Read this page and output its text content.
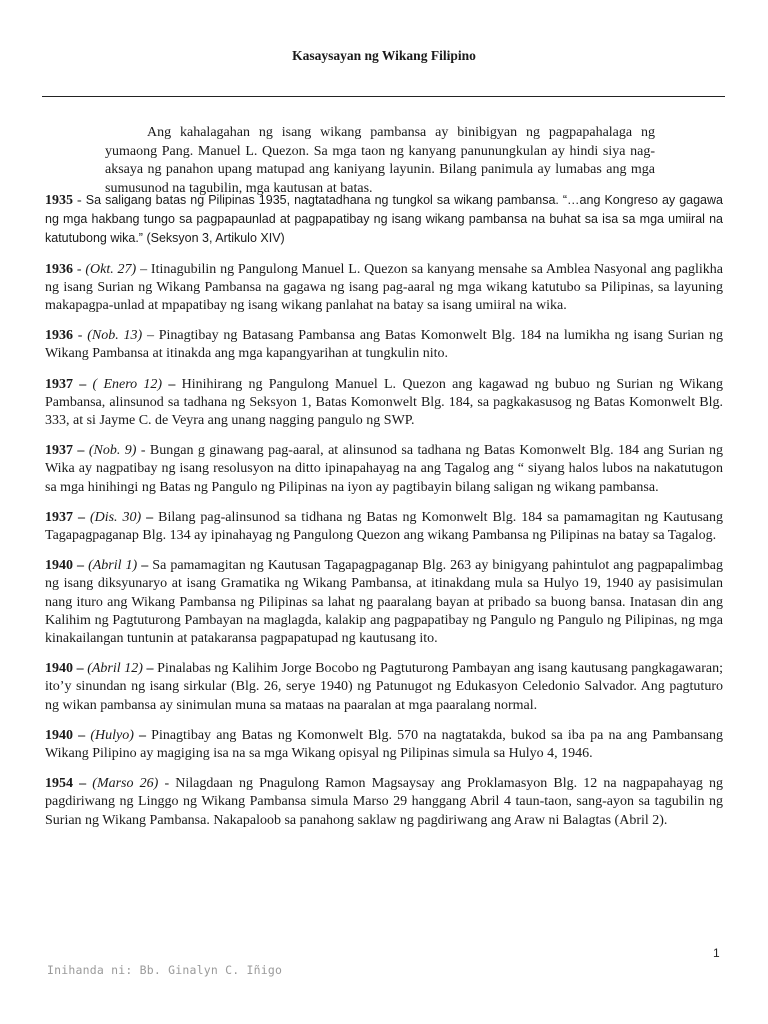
Kasaysayan ng Wikang Filipino

Ang kahalagahan ng isang wikang pambansa ay binibigyan ng pagpapahalaga ng yumaong Pang. Manuel L. Quezon. Sa mga taon ng kanyang panunungkulan ay hindi siya nag-aksaya ng panahon upang matupad ang kaniyang layunin. Bilang panimula ay lumabas ang mga sumusunod na tagubilin, mga kautusan at batas.

1935 - Sa saligang batas ng Pilipinas 1935, nagtatadhana ng tungkol sa wikang pambansa. “…ang Kongreso ay gagawa ng mga hakbang tungo sa pagpapaunlad at pagpapatibay ng isang wikang pambansa na buhat sa isa sa mga umiiral na katutubong wika.” (Seksyon 3, Artikulo XIV)

1936 - (Okt. 27) – Itinagubilin ng Pangulong Manuel L. Quezon sa kanyang mensahe sa Amblea Nasyonal ang paglikha ng isang Surian ng Wikang Pambansa na gagawa ng isang pag-aaral ng mga wikang katutubo sa Pilipinas, sa layuning makapagpa-unlad at mpapatibay ng isang wikang panlahat na batay sa isang umiiral na wika.

1936 - (Nob. 13) – Pinagtibay ng Batasang Pambansa ang Batas Komonwelt Blg. 184 na lumikha ng isang Surian ng Wikang Pambansa at itinakda ang mga kapangyarihan at tungkulin nito.

1937 – ( Enero 12) – Hinihirang ng Pangulong Manuel L. Quezon ang kagawad ng bubuo ng Surian ng Wikang Pambansa, alinsunod sa tadhana ng Seksyon 1, Batas Komonwelt Blg. 184, sa pagkakasusog ng Batas Komonwelt Blg. 333, at si Jayme C. de Veyra ang unang nagging pangulo ng SWP.

1937 – (Nob. 9) - Bungan g ginawang pag-aaral, at alinsunod sa tadhana ng Batas Komonwelt Blg. 184 ang Surian ng Wika ay nagpatibay ng isang resolusyon na ditto ipinapahayag na ang Tagalog ang “ siyang halos lubos na nakatutugon sa mga hinihingi ng Batas ng Pangulo ng Pilipinas na iyon ay pagtibayin bilang saligan ng wikang pambansa.

1937 – (Dis. 30) – Bilang pag-alinsunod sa tidhana ng Batas ng Komonwelt Blg. 184 sa pamamagitan ng Kautusang Tagapagpaganap Blg. 134 ay ipinahayag ng Pangulong Quezon ang wikang Pambansa ng Pilipinas na batay sa Tagalog.

1940 – (Abril 1) – Sa pamamagitan ng Kautusan Tagapagpaganap Blg. 263 ay binigyang pahintulot ang pagpapalimbag ng isang diksyunaryo at isang Gramatika ng Wikang Pambansa, at itinakdang mula sa Hulyo 19, 1940 ay pasisimulan nang ituro ang Wikang Pambansa ng Pilipinas sa lahat ng paaralang bayan at pribado sa buong bansa. Inatasan din ang Kalihim ng Pagtuturong Pambayan na maglagda, kalakip ang pagpapatibay ng Pangulo ng Pangulo ng Pilipinas, ng mga kinakailangan tuntunin at patakaransa pagpapatupad ng kautusang ito.

1940 – (Abril 12) – Pinalabas ng Kalihim Jorge Bocobo ng Pagtuturong Pambayan ang isang kautusang pangkagawaran; ito’y sinundan ng isang sirkular (Blg. 26, serye 1940) ng Patunugot ng Edukasyon Celedonio Salvador. Ang pagtuturo ng wikan pambansa ay sinimulan muna sa mataas na paaralan at mga paaralang normal.

1940 – (Hulyo) – Pinagtibay ang Batas ng Komonwelt Blg. 570 na nagtatakda, bukod sa iba pa na ang Pambansang Wikang Pilipino ay magiging isa na sa mga Wikang opisyal ng Pilipinas simula sa Hulyo 4, 1946.

1954 – (Marso 26) - Nilagdaan ng Pnagulong Ramon Magsaysay ang Proklamasyon Blg. 12 na nagpapahayag ng pagdiriwang ng Linggo ng Wikang Pambansa simula Marso 29 hanggang Abril 4 taun-taon, sang-ayon sa tagubilin ng Surian ng Wikang Pambansa. Nakapaloob sa panahong saklaw ng pagdiriwang ang Araw ni Balagtas (Abril 2).

1
Inihanda ni: Bb. Ginalyn C. Iñigo
